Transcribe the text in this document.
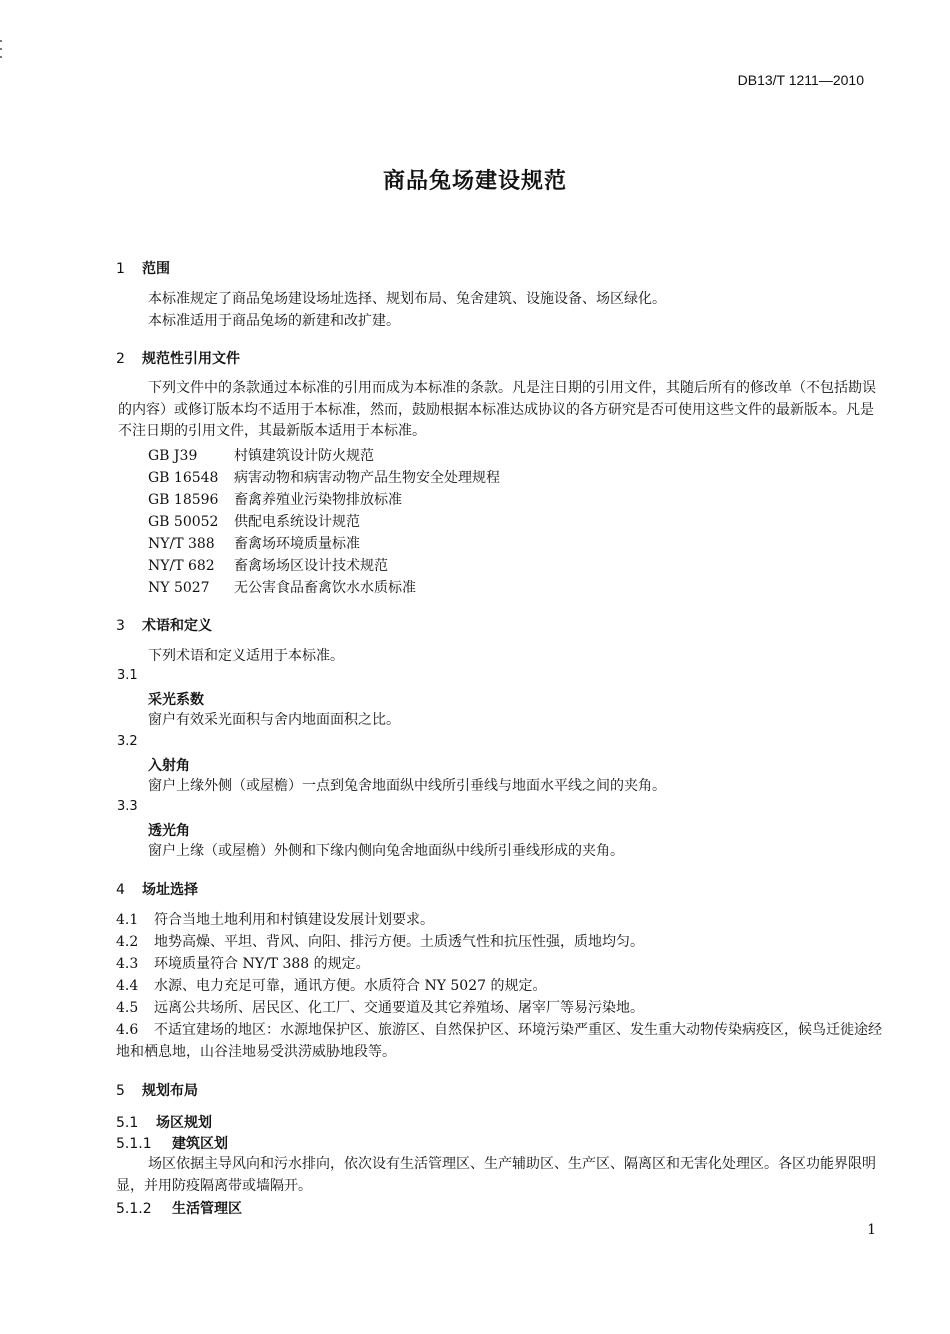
DB13/T 1211—2010
商品兔场建设规范
1 范围
本标准规定了商品兔场建设场址选择、规划布局、兔舍建筑、设施设备、场区绿化。
本标准适用于商品兔场的新建和改扩建。
2 规范性引用文件
下列文件中的条款通过本标准的引用而成为本标准的条款。凡是注日期的引用文件，其随后所有的修改单（不包括勘误的内容）或修订版本均不适用于本标准，然而，鼓励根据本标准达成协议的各方研究是否可使用这些文件的最新版本。凡是不注日期的引用文件，其最新版本适用于本标准。
GB J39	村镇建筑设计防火规范
GB 16548 病害动物和病害动物产品生物安全处理规程
GB 18596 畜禽养殖业污染物排放标准
GB 50052 供配电系统设计规范
NY/T 388 畜禽场环境质量标准
NY/T 682 畜禽场场区设计技术规范
NY 5027 无公害食品畜禽饮水水质标准
3 术语和定义
下列术语和定义适用于本标准。
3.1
采光系数
窗户有效采光面积与舍内地面面积之比。
3.2
入射角
窗户上缘外侧（或屋檐）一点到兔舍地面纵中线所引垂线与地面水平线之间的夹角。
3.3
透光角
窗户上缘（或屋檐）外侧和下缘内侧向兔舍地面纵中线所引垂线形成的夹角。
4 场址选择
4.1 符合当地土地利用和村镇建设发展计划要求。
4.2 地势高燥、平坦、背风、向阳、排污方便。土质透气性和抗压性强，质地均匀。
4.3 环境质量符合 NY/T 388 的规定。
4.4 水源、电力充足可靠，通讯方便。水质符合 NY 5027 的规定。
4.5 远离公共场所、居民区、化工厂、交通要道及其它养殖场、屠宰厂等易污染地。
4.6 不适宜建场的地区：水源地保护区、旅游区、自然保护区、环境污染严重区、发生重大动物传染病疫区，候鸟迁徙途经地和栖息地，山谷洼地易受洪涝威胁地段等。
5 规划布局
5.1 场区规划
5.1.1 建筑区划
场区依据主导风向和污水排向，依次设有生活管理区、生产辅助区、生产区、隔离区和无害化处理区。各区功能界限明显，并用防疫隔离带或墙隔开。
5.1.2 生活管理区
1
